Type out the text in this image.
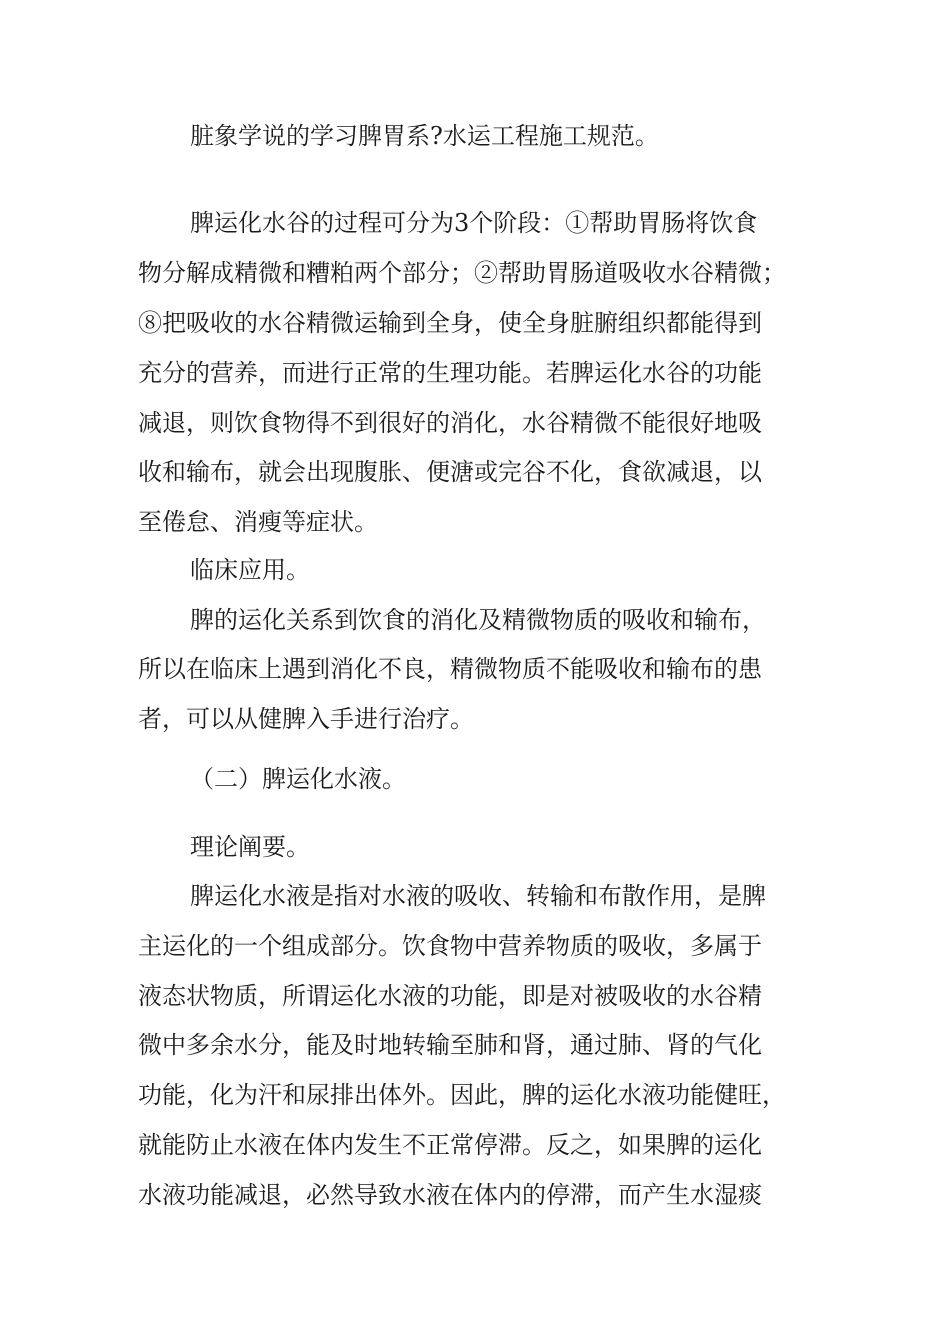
脏象学说的学习脾胃系?水运工程施工规范。
脾运化水谷的过程可分为3个阶段：①帮助胃肠将饮食
物分解成精微和糟粕两个部分；②帮助胃肠道吸收水谷精微；
⑧把吸收的水谷精微运输到全身，使全身脏腑组织都能得到
充分的营养，而进行正常的生理功能。若脾运化水谷的功能
减退，则饮食物得不到很好的消化，水谷精微不能很好地吸
收和输布，就会出现腹胀、便溏或完谷不化，食欲减退，以
至倦怠、消瘦等症状。
临床应用。
脾的运化关系到饮食的消化及精微物质的吸收和输布，
所以在临床上遇到消化不良，精微物质不能吸收和输布的患
者，可以从健脾入手进行治疗。
（二）脾运化水液。
理论阐要。
脾运化水液是指对水液的吸收、转输和布散作用，是脾
主运化的一个组成部分。饮食物中营养物质的吸收，多属于
液态状物质，所谓运化水液的功能，即是对被吸收的水谷精
微中多余水分，能及时地转输至肺和肾，通过肺、肾的气化
功能，化为汗和尿排出体外。因此，脾的运化水液功能健旺，
就能防止水液在体内发生不正常停滞。反之，如果脾的运化
水液功能减退，必然导致水液在体内的停滞，而产生水湿痰
